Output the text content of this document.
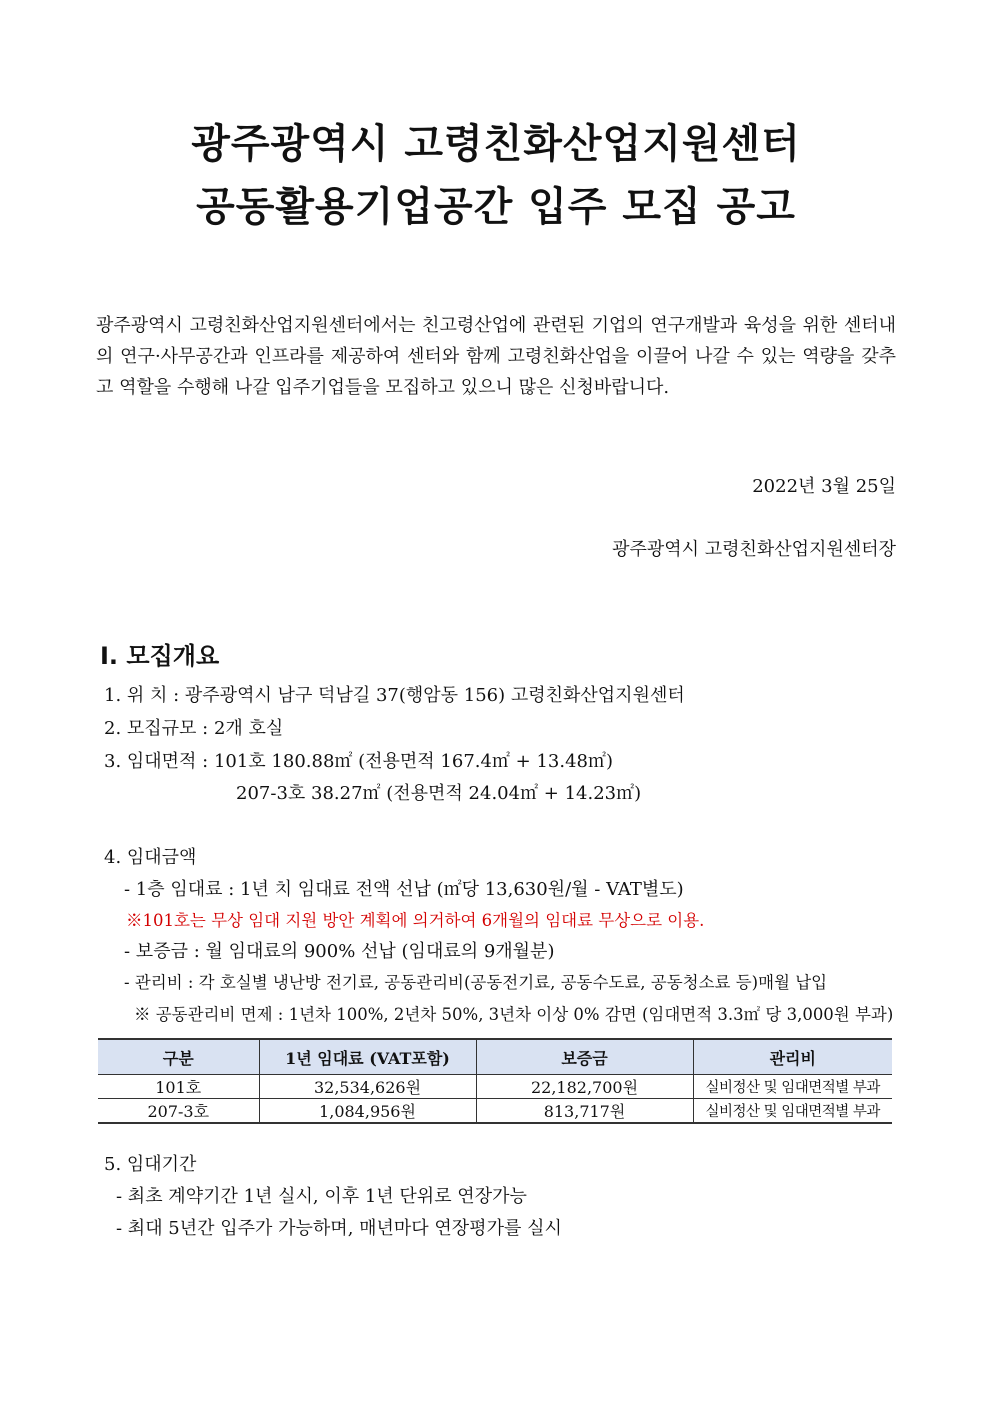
광주광역시 고령친화산업지원센터
공동활용기업공간 입주 모집 공고
광주광역시 고령친화산업지원센터에서는 친고령산업에 관련된 기업의 연구개발과 육성을 위한 센터내의 연구·사무공간과 인프라를 제공하여 센터와 함께 고령친화산업을 이끌어 나갈 수 있는 역량을 갖추고 역할을 수행해 나갈 입주기업들을 모집하고 있으니 많은 신청바랍니다.
2022년 3월 25일
광주광역시 고령친화산업지원센터장
Ⅰ. 모집개요
1. 위 치 : 광주광역시 남구 덕남길 37(행암동 156) 고령친화산업지원센터
2. 모집규모 : 2개 호실
3. 임대면적 : 101호 180.88㎡ (전용면적 167.4㎡ + 13.48㎡)
207-3호 38.27㎡ (전용면적 24.04㎡ + 14.23㎡)
4. 임대금액
- 1층 임대료 : 1년 치 임대료 전액 선납 (㎡당 13,630원/월 - VAT별도)
※101호는 무상 임대 지원 방안 계획에 의거하여 6개월의 임대료 무상으로 이용.
- 보증금 : 월 임대료의 900% 선납 (임대료의 9개월분)
- 관리비 : 각 호실별 냉난방 전기료, 공동관리비(공동전기료, 공동수도료, 공동청소료 등)매월 납입
※ 공동관리비 면제 : 1년차 100%, 2년차 50%, 3년차 이상 0% 감면 (임대면적 3.3㎡ 당 3,000원 부과)
구분	1년 임대료 (VAT포함)	보증금	관리비
101호	32,534,626원	22,182,700원	실비정산 및 임대면적별 부과
207-3호	1,084,956원	813,717원	실비정산 및 임대면적별 부과
5. 임대기간
- 최초 계약기간 1년 실시, 이후 1년 단위로 연장가능
- 최대 5년간 입주가 가능하며, 매년마다 연장평가를 실시
